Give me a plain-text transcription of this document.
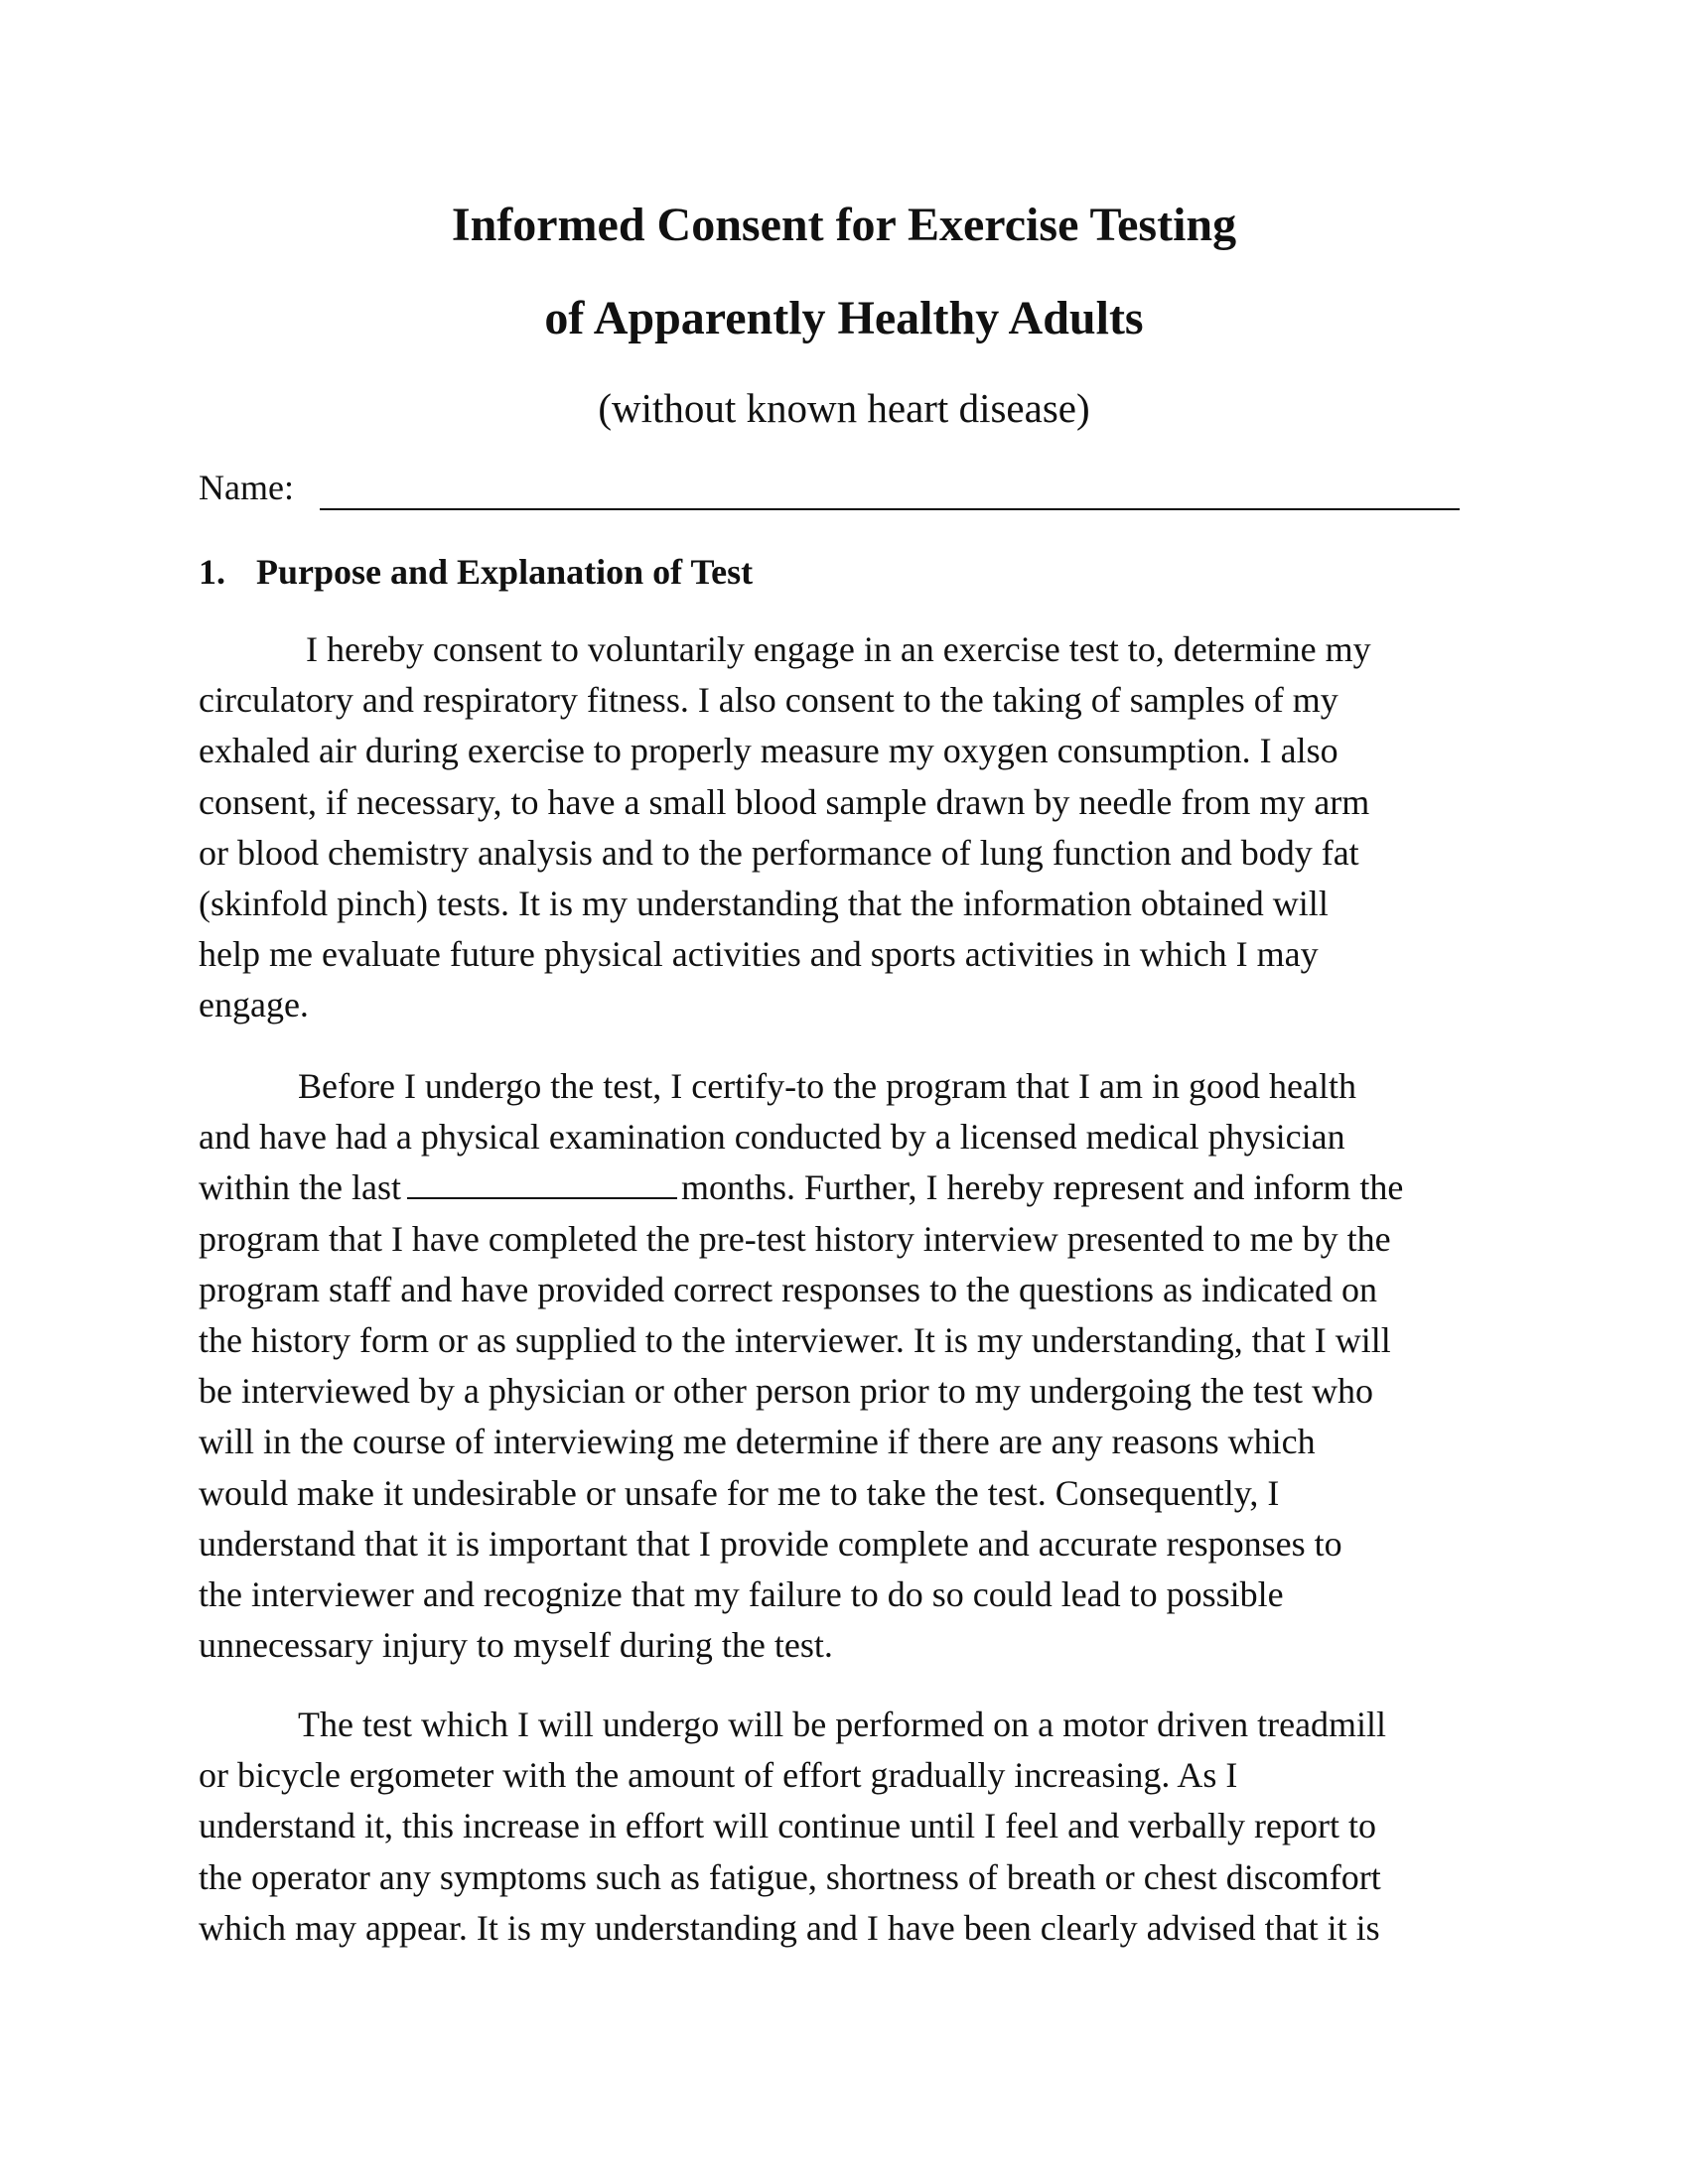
Informed Consent for Exercise Testing
of Apparently Healthy Adults

(without known heart disease)

Name:
1. Purpose and Explanation of Test

I hereby consent to voluntarily engage in an exercise test to, determine my
circulatory and respiratory fitness. I also consent to the taking of samples of my
exhaled air during exercise to properly measure my oxygen consumption. I also
consent, if necessary, to have a small blood sample drawn by needle from my arm
or blood chemistry analysis and to the performance of lung function and body fat
(skinfold pinch) tests. It is my understanding that the information obtained will
help me evaluate future physical activities and sports activities in which I may
engage.

Before I undergo the test, I certify-to the program that I am in good health
and have had a physical examination conducted by a licensed medical physician
within the last	months. Further, I hereby represent and inform the
program that I have completed the pre-test history interview presented to me by the
program staff and have provided correct responses to the questions as indicated on
the history form or as supplied to the interviewer. It is my understanding, that I will
be interviewed by a physician or other person prior to my undergoing the test who
will in the course of interviewing me determine if there are any reasons which
would make it undesirable or unsafe for me to take the test. Consequently, I
understand that it is important that I provide complete and accurate responses to
the interviewer and recognize that my failure to do so could lead to possible
unnecessary injury to myself during the test.

The test which I will undergo will be performed on a motor driven treadmill
or bicycle ergometer with the amount of effort gradually increasing. As I
understand it, this increase in effort will continue until I feel and verbally report to
the operator any symptoms such as fatigue, shortness of breath or chest discomfort
which may appear. It is my understanding and I have been clearly advised that it is
